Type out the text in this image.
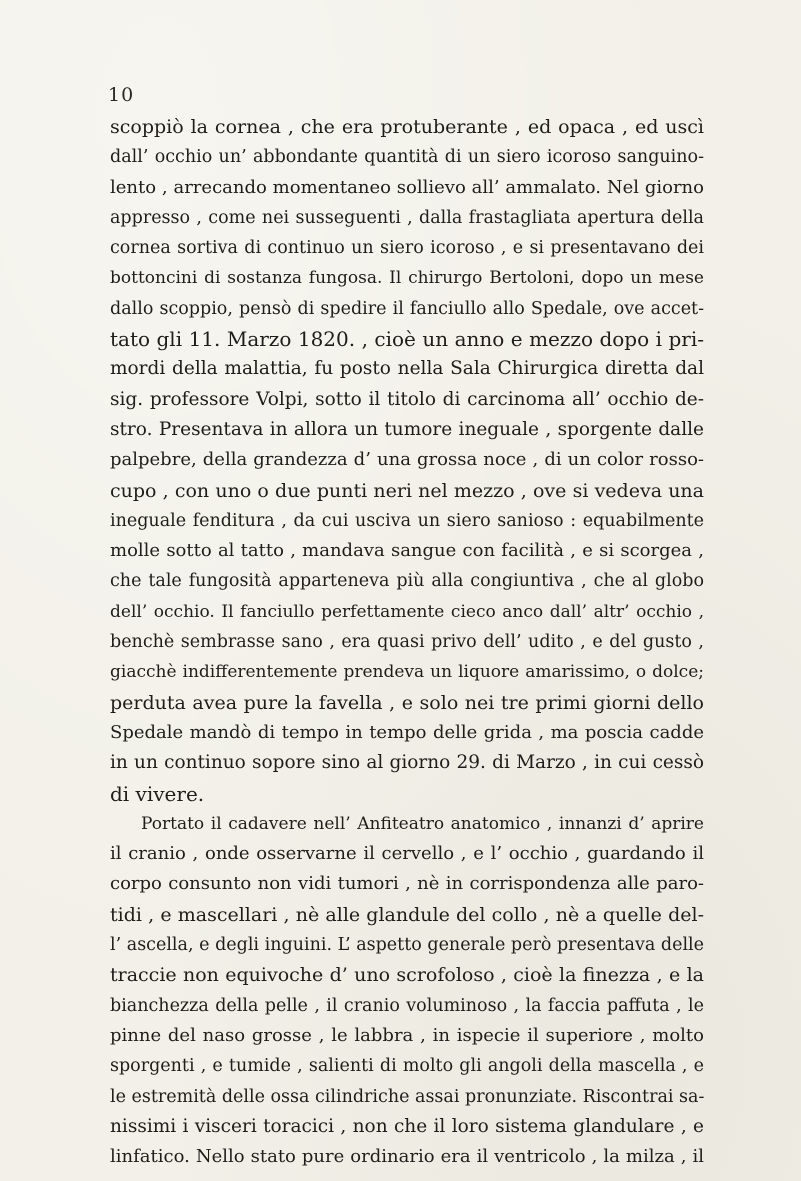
10
scoppiò la cornea , che era protuberante , ed opaca , ed uscì
dall’ occhio un’ abbondante quantità di un siero icoroso sanguino-
lento , arrecando momentaneo sollievo all’ ammalato. Nel giorno
appresso , come nei susseguenti , dalla frastagliata apertura della
cornea sortiva di continuo un siero icoroso , e si presentavano dei
bottoncini di sostanza fungosa. Il chirurgo Bertoloni, dopo un mese
dallo scoppio, pensò di spedire il fanciullo allo Spedale, ove accet-
tato gli 11. Marzo 1820. , cioè un anno e mezzo dopo i pri-
mordi della malattia, fu posto nella Sala Chirurgica diretta dal
sig. professore Volpi, sotto il titolo di carcinoma all’ occhio de-
stro. Presentava in allora un tumore ineguale , sporgente dalle
palpebre, della grandezza d’ una grossa noce , di un color rosso-
cupo , con uno o due punti neri nel mezzo , ove si vedeva una
ineguale fenditura , da cui usciva un siero sanioso : equabilmente
molle sotto al tatto , mandava sangue con facilità , e si scorgea ,
che tale fungosità apparteneva più alla congiuntiva , che al globo
dell’ occhio. Il fanciullo perfettamente cieco anco dall’ altr’ occhio ,
benchè sembrasse sano , era quasi privo dell’ udito , e del gusto ,
giacchè indifferentemente prendeva un liquore amarissimo, o dolce;
perduta avea pure la favella , e solo nei tre primi giorni dello
Spedale mandò di tempo in tempo delle grida , ma poscia cadde
in un continuo sopore sino al giorno 29. di Marzo , in cui cessò
di vivere.
Portato il cadavere nell’ Anfiteatro anatomico , innanzi d’ aprire
il cranio , onde osservarne il cervello , e l’ occhio , guardando il
corpo consunto non vidi tumori , nè in corrispondenza alle paro-
tidi , e mascellari , nè alle glandule del collo , nè a quelle del-
l’ ascella, e degli inguini. L’ aspetto generale però presentava delle
traccie non equivoche d’ uno scrofoloso , cioè la finezza , e la
bianchezza della pelle , il cranio voluminoso , la faccia paffuta , le
pinne del naso grosse , le labbra , in ispecie il superiore , molto
sporgenti , e tumide , salienti di molto gli angoli della mascella , e
le estremità delle ossa cilindriche assai pronunziate. Riscontrai sa-
nissimi i visceri toracici , non che il loro sistema glandulare , e
linfatico. Nello stato pure ordinario era il ventricolo , la milza , il
